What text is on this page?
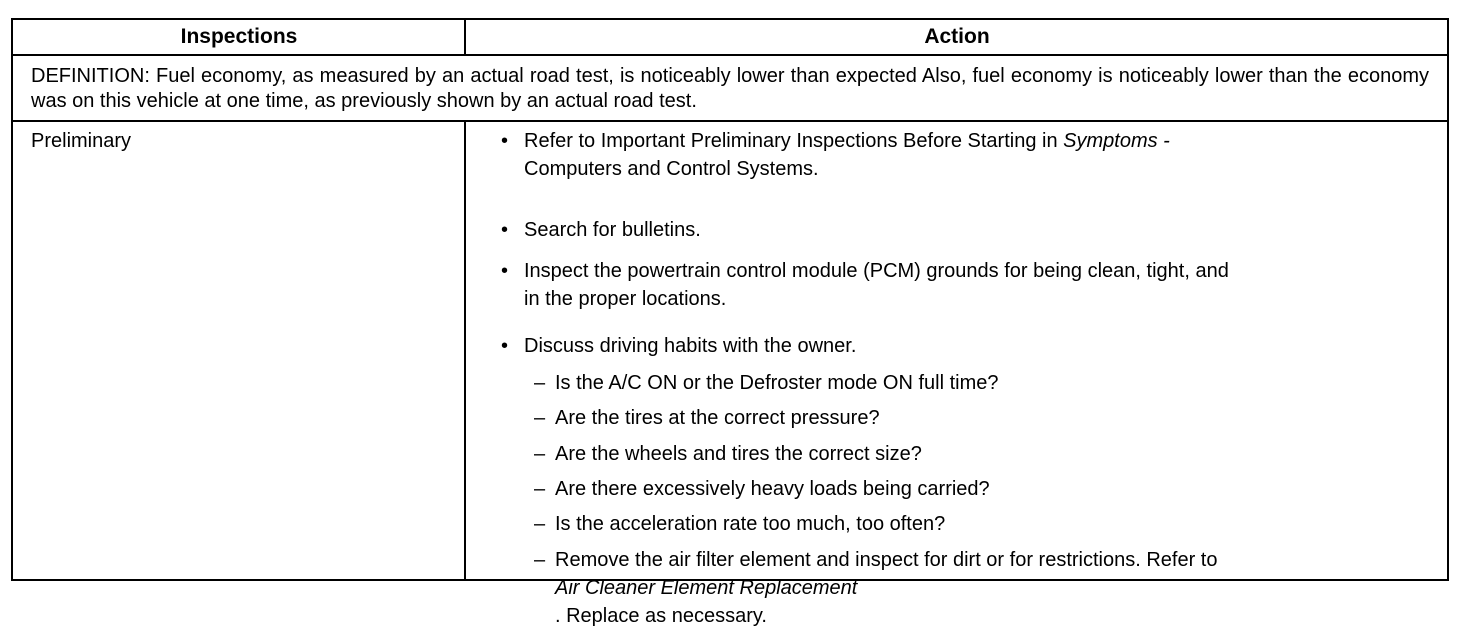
Inspections	Action
DEFINITION: Fuel economy, as measured by an actual road test, is noticeably lower than expected Also, fuel economy is noticeably lower than the economy was on this vehicle at one time, as previously shown by an actual road test.
Preliminary	• Refer to Important Preliminary Inspections Before Starting in Symptoms -
Computers and Control Systems.
• Search for bulletins.
• Inspect the powertrain control module (PCM) grounds for being clean, tight, and
in the proper locations.
• Discuss driving habits with the owner.
– Is the A/C ON or the Defroster mode ON full time?
– Are the tires at the correct pressure?
– Are the wheels and tires the correct size?
– Are there excessively heavy loads being carried?
– Is the acceleration rate too much, too often?
– Remove the air filter element and inspect for dirt or for restrictions. Refer to
Air Cleaner Element Replacement
. Replace as necessary.
